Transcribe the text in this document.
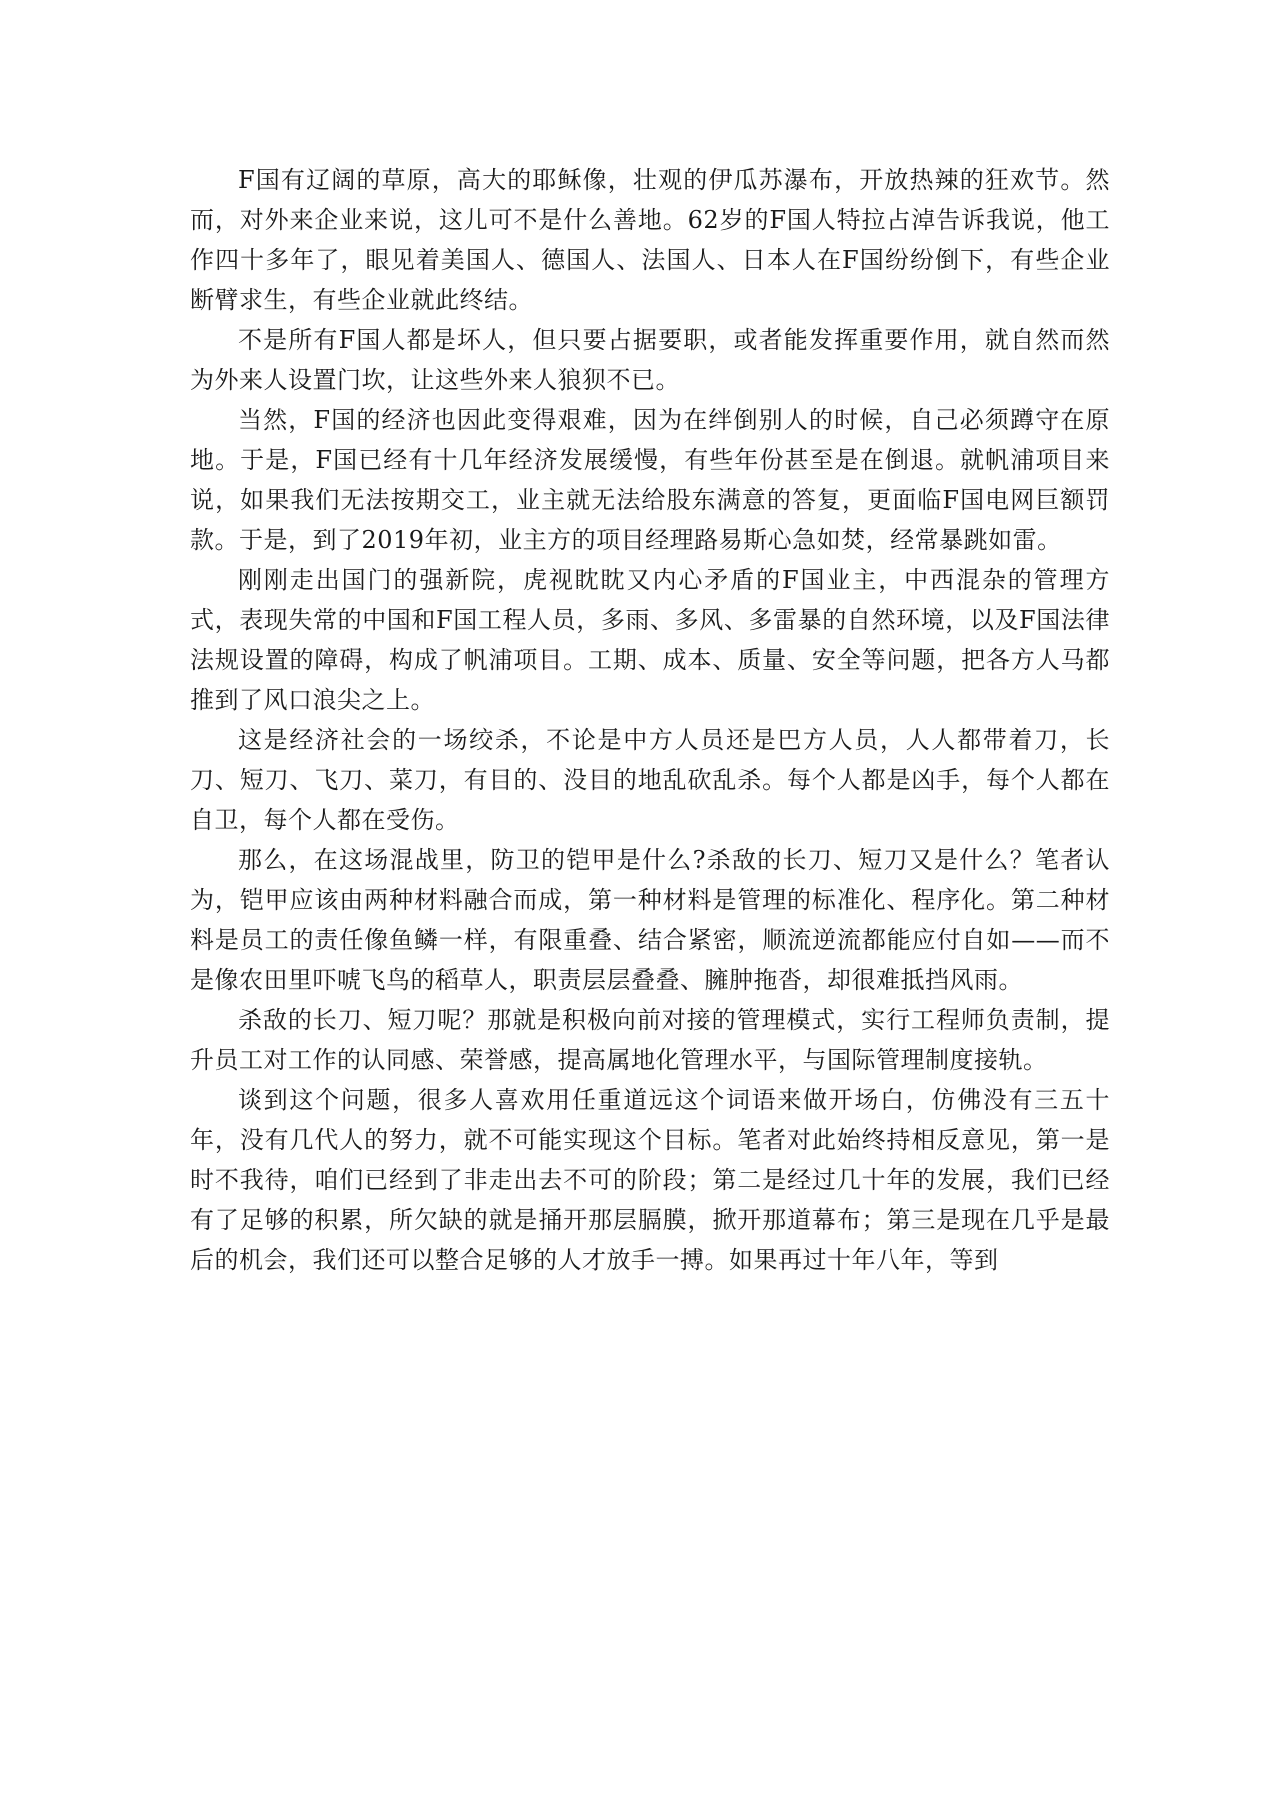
F国有辽阔的草原，高大的耶稣像，壮观的伊瓜苏瀑布，开放热辣的狂欢节。然而，对外来企业来说，这儿可不是什么善地。62岁的F国人特拉占淖告诉我说，他工作四十多年了，眼见着美国人、德国人、法国人、日本人在F国纷纷倒下，有些企业断臂求生，有些企业就此终结。

不是所有F国人都是坏人，但只要占据要职，或者能发挥重要作用，就自然而然为外来人设置门坎，让这些外来人狼狈不已。

当然，F国的经济也因此变得艰难，因为在绊倒别人的时候，自己必须蹲守在原地。于是，F国已经有十几年经济发展缓慢，有些年份甚至是在倒退。就帆浦项目来说，如果我们无法按期交工，业主就无法给股东满意的答复，更面临F国电网巨额罚款。于是，到了2019年初，业主方的项目经理路易斯心急如焚，经常暴跳如雷。

刚刚走出国门的强新院，虎视眈眈又内心矛盾的F国业主，中西混杂的管理方式，表现失常的中国和F国工程人员，多雨、多风、多雷暴的自然环境，以及F国法律法规设置的障碍，构成了帆浦项目。工期、成本、质量、安全等问题，把各方人马都推到了风口浪尖之上。

这是经济社会的一场绞杀，不论是中方人员还是巴方人员，人人都带着刀，长刀、短刀、飞刀、菜刀，有目的、没目的地乱砍乱杀。每个人都是凶手，每个人都在自卫，每个人都在受伤。

那么，在这场混战里，防卫的铠甲是什么?杀敌的长刀、短刀又是什么？笔者认为，铠甲应该由两种材料融合而成，第一种材料是管理的标准化、程序化。第二种材料是员工的责任像鱼鳞一样，有限重叠、结合紧密，顺流逆流都能应付自如——而不是像农田里吓唬飞鸟的稻草人，职责层层叠叠、臃肿拖沓，却很难抵挡风雨。

杀敌的长刀、短刀呢？那就是积极向前对接的管理模式，实行工程师负责制，提升员工对工作的认同感、荣誉感，提高属地化管理水平，与国际管理制度接轨。

谈到这个问题，很多人喜欢用任重道远这个词语来做开场白，仿佛没有三五十年，没有几代人的努力，就不可能实现这个目标。笔者对此始终持相反意见，第一是时不我待，咱们已经到了非走出去不可的阶段；第二是经过几十年的发展，我们已经有了足够的积累，所欠缺的就是捅开那层膈膜，掀开那道幕布；第三是现在几乎是最后的机会，我们还可以整合足够的人才放手一搏。如果再过十年八年，等到
